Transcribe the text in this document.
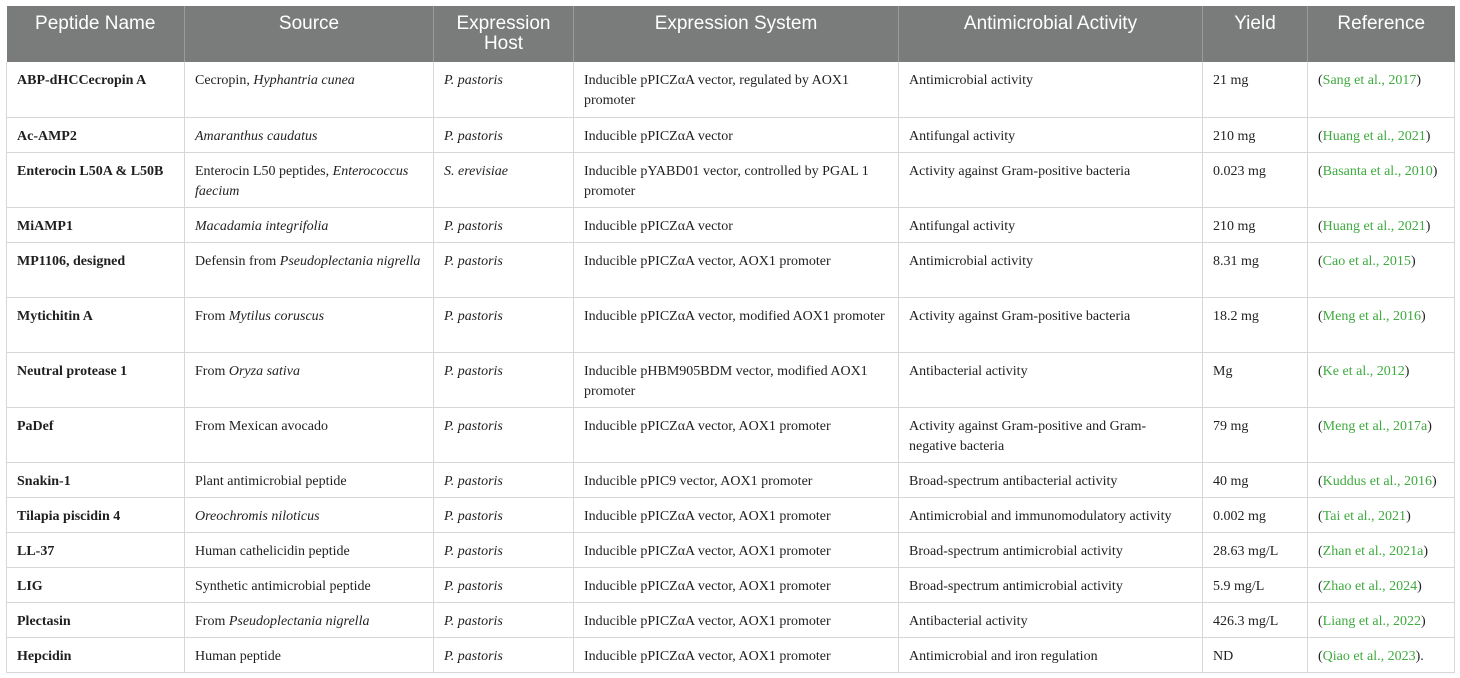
Peptide Name	Source	Expression Host	Expression System	Antimicrobial Activity	Yield	Reference
ABP-dHCCecropin A	Cecropin, Hyphantria cunea	P. pastoris	Inducible pPICZαA vector, regulated by AOX1 promoter	Antimicrobial activity	21 mg	(Sang et al., 2017)
Ac-AMP2	Amaranthus caudatus	P. pastoris	Inducible pPICZαA vector	Antifungal activity	210 mg	(Huang et al., 2021)
Enterocin L50A & L50B	Enterocin L50 peptides, Enterococcus faecium	S. erevisiae	Inducible pYABD01 vector, controlled by PGAL 1 promoter	Activity against Gram-positive bacteria	0.023 mg	(Basanta et al., 2010)
MiAMP1	Macadamia integrifolia	P. pastoris	Inducible pPICZαA vector	Antifungal activity	210 mg	(Huang et al., 2021)
MP1106, designed	Defensin from Pseudoplectania nigrella	P. pastoris	Inducible pPICZαA vector, AOX1 promoter	Antimicrobial activity	8.31 mg	(Cao et al., 2015)
Mytichitin A	From Mytilus coruscus	P. pastoris	Inducible pPICZαA vector, modified AOX1 promoter	Activity against Gram-positive bacteria	18.2 mg	(Meng et al., 2016)
Neutral protease 1	From Oryza sativa	P. pastoris	Inducible pHBM905BDM vector, modified AOX1 promoter	Antibacterial activity	Mg	(Ke et al., 2012)
PaDef	From Mexican avocado	P. pastoris	Inducible pPICZαA vector, AOX1 promoter	Activity against Gram-positive and Gram-negative bacteria	79 mg	(Meng et al., 2017a)
Snakin-1	Plant antimicrobial peptide	P. pastoris	Inducible pPIC9 vector, AOX1 promoter	Broad-spectrum antibacterial activity	40 mg	(Kuddus et al., 2016)
Tilapia piscidin 4	Oreochromis niloticus	P. pastoris	Inducible pPICZαA vector, AOX1 promoter	Antimicrobial and immunomodulatory activity	0.002 mg	(Tai et al., 2021)
LL-37	Human cathelicidin peptide	P. pastoris	Inducible pPICZαA vector, AOX1 promoter	Broad-spectrum antimicrobial activity	28.63 mg/L	(Zhan et al., 2021a)
LIG	Synthetic antimicrobial peptide	P. pastoris	Inducible pPICZαA vector, AOX1 promoter	Broad-spectrum antimicrobial activity	5.9 mg/L	(Zhao et al., 2024)
Plectasin	From Pseudoplectania nigrella	P. pastoris	Inducible pPICZαA vector, AOX1 promoter	Antibacterial activity	426.3 mg/L	(Liang et al., 2022)
Hepcidin	Human peptide	P. pastoris	Inducible pPICZαA vector, AOX1 promoter	Antimicrobial and iron regulation	ND	(Qiao et al., 2023).
